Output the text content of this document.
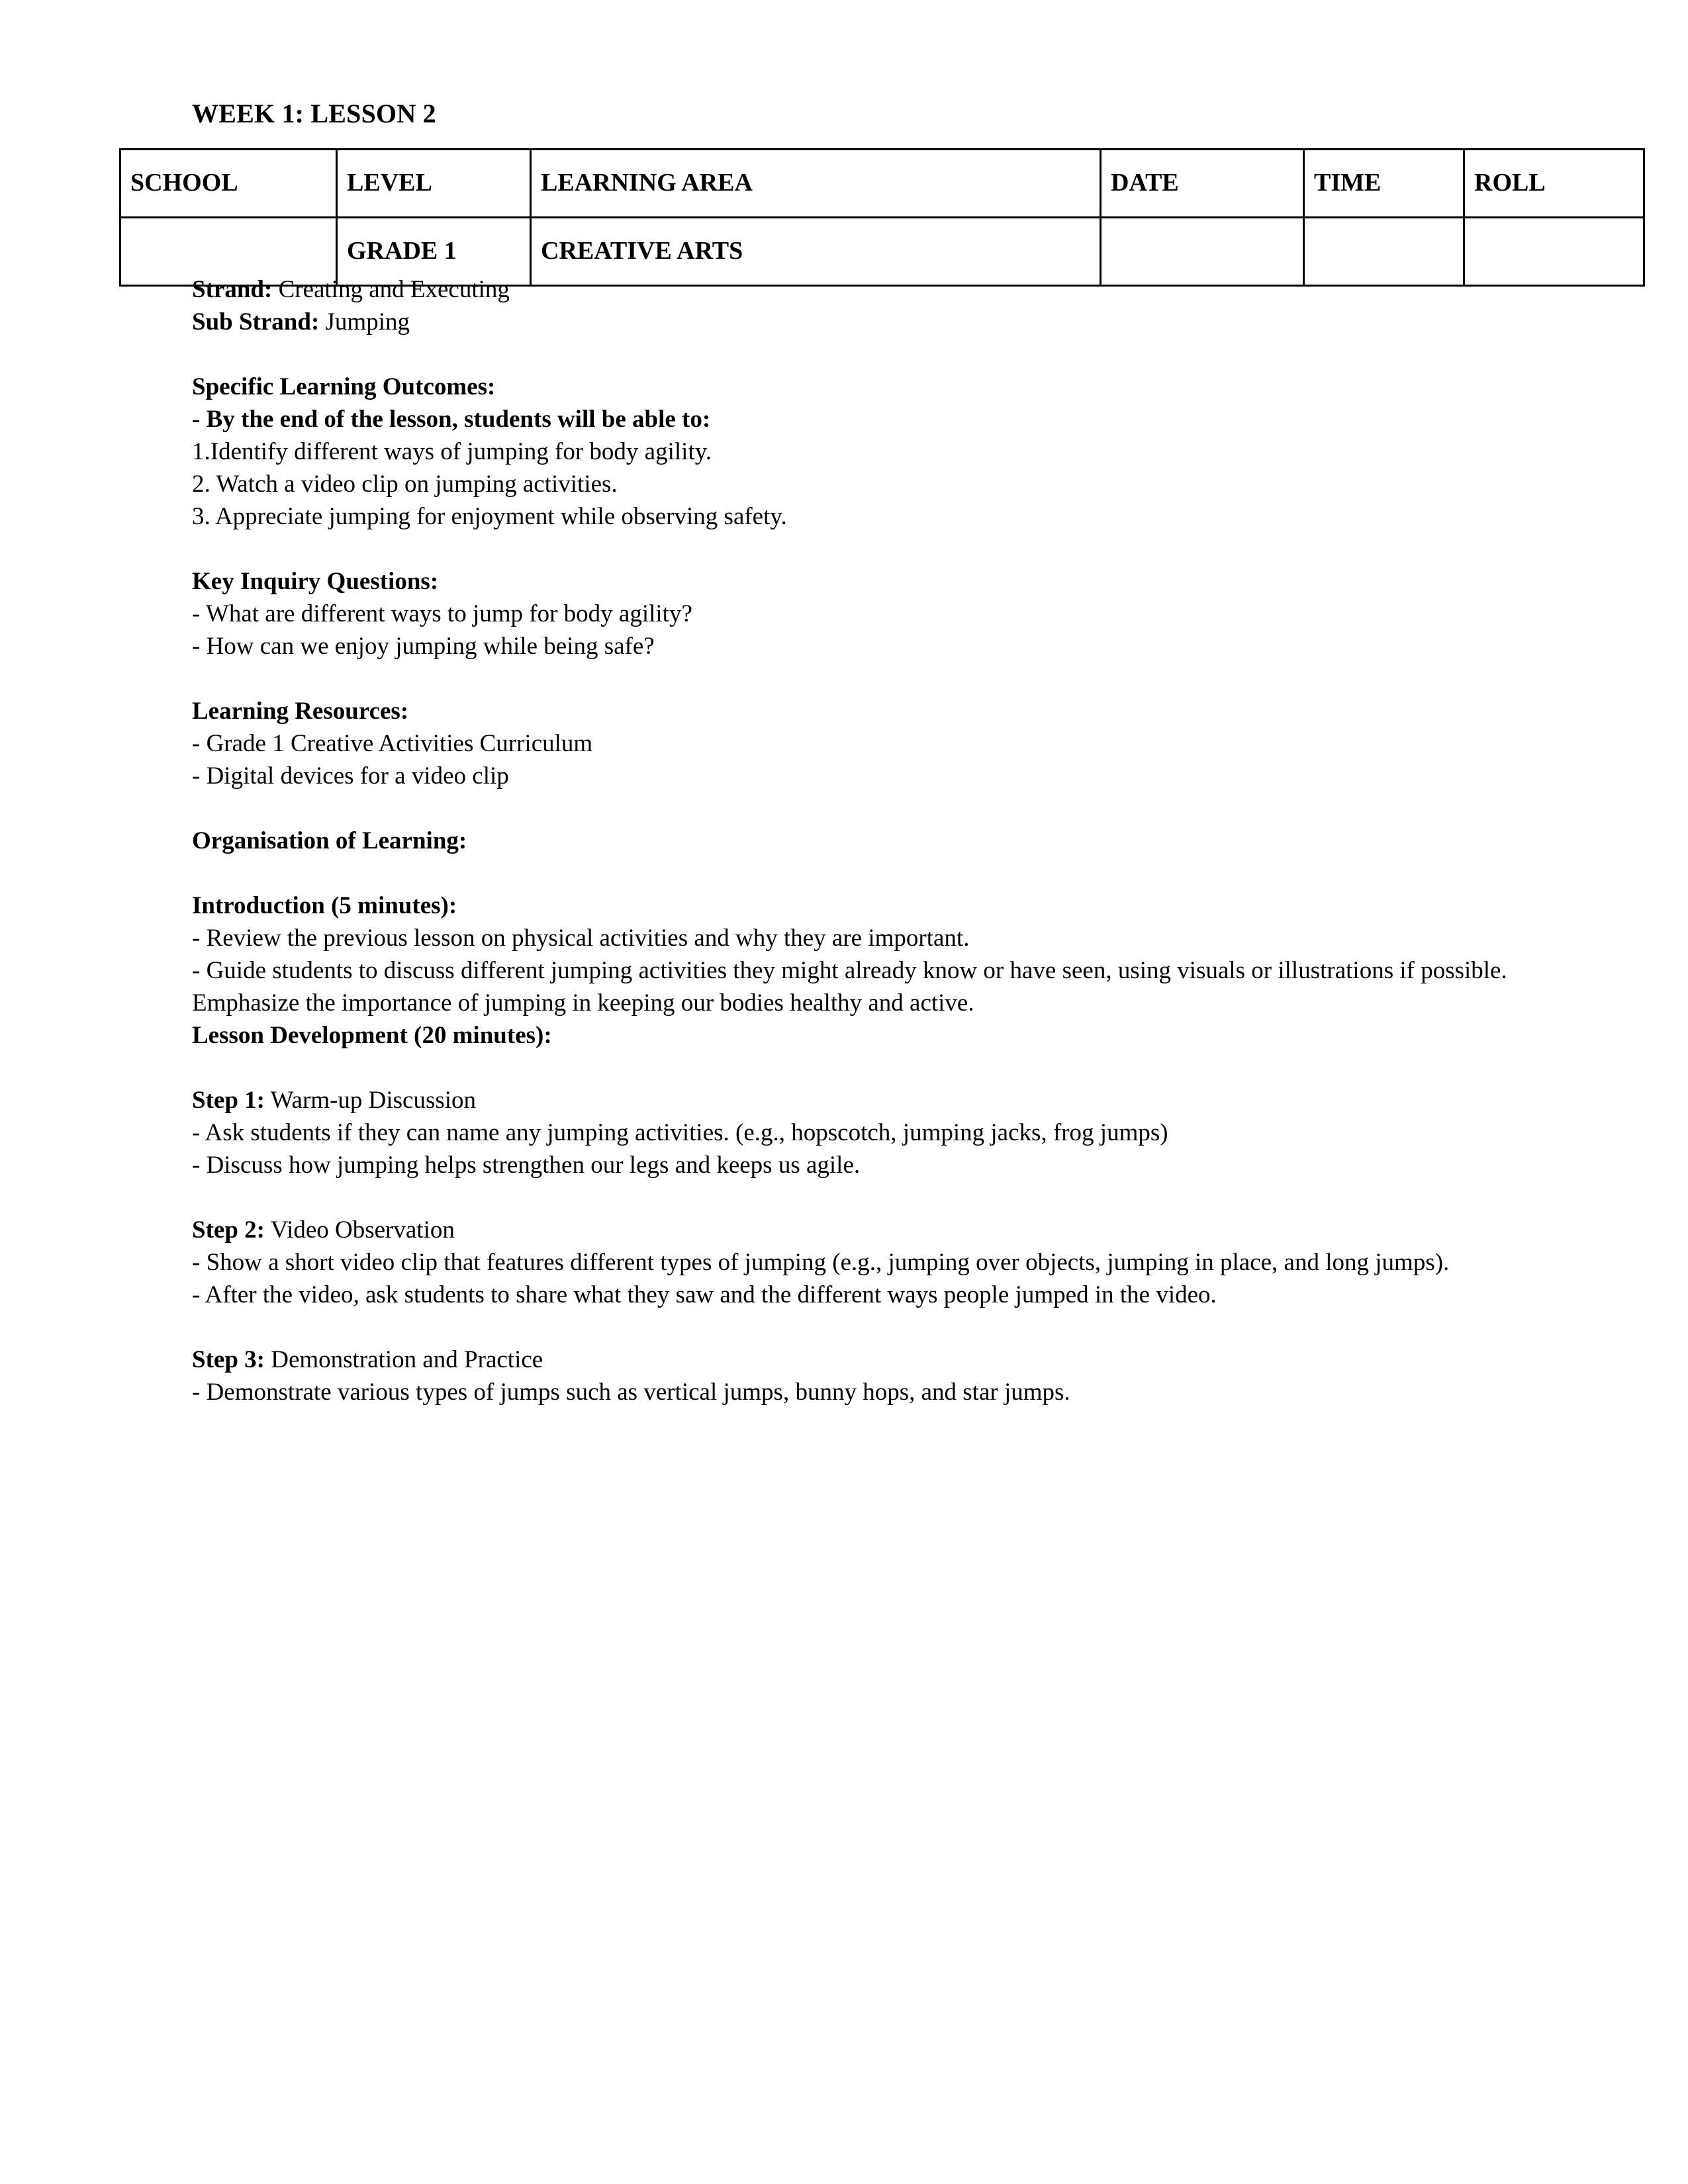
WEEK 1: LESSON 2
SCHOOL	LEVEL	LEARNING AREA	DATE	TIME	ROLL
	GRADE 1	CREATIVE ARTS			

Strand: Creating and Executing

Sub Strand: Jumping

Specific Learning Outcomes:

- By the end of the lesson, students will be able to:

1.Identify different ways of jumping for body agility.

2. Watch a video clip on jumping activities.

3. Appreciate jumping for enjoyment while observing safety.

Key Inquiry Questions:

- What are different ways to jump for body agility?

- How can we enjoy jumping while being safe?

Learning Resources:

- Grade 1 Creative Activities Curriculum

- Digital devices for a video clip

Organisation of Learning:

Introduction (5 minutes):

- Review the previous lesson on physical activities and why they are important.

- Guide students to discuss different jumping activities they might already know or have seen, using visuals or illustrations if possible. Emphasize the importance of jumping in keeping our bodies healthy and active.

Lesson Development (20 minutes):

Step 1: Warm-up Discussion

- Ask students if they can name any jumping activities. (e.g., hopscotch, jumping jacks, frog jumps)

- Discuss how jumping helps strengthen our legs and keeps us agile.

Step 2: Video Observation

- Show a short video clip that features different types of jumping (e.g., jumping over objects, jumping in place, and long jumps).

- After the video, ask students to share what they saw and the different ways people jumped in the video.

Step 3: Demonstration and Practice

- Demonstrate various types of jumps such as vertical jumps, bunny hops, and star jumps.
